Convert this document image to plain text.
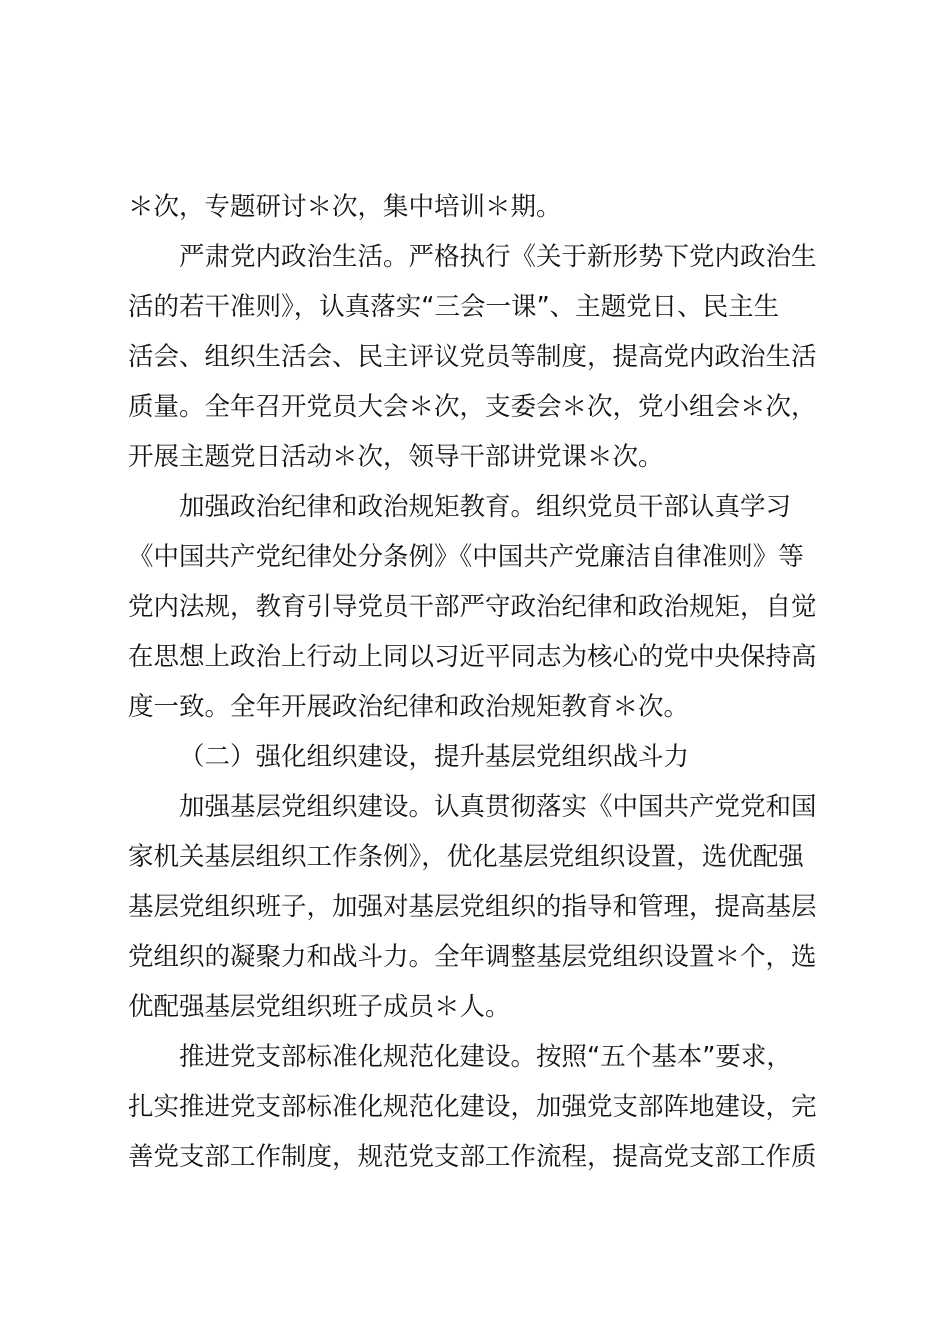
＊次，专题研讨＊次，集中培训＊期。
严肃党内政治生活。严格执行《关于新形势下党内政治生
活的若干准则》，认真落实“三会一课”、主题党日、民主生
活会、组织生活会、民主评议党员等制度，提高党内政治生活
质量。全年召开党员大会＊次，支委会＊次，党小组会＊次，
开展主题党日活动＊次，领导干部讲党课＊次。
加强政治纪律和政治规矩教育。组织党员干部认真学习
《中国共产党纪律处分条例》《中国共产党廉洁自律准则》等
党内法规，教育引导党员干部严守政治纪律和政治规矩，自觉
在思想上政治上行动上同以习近平同志为核心的党中央保持高
度一致。全年开展政治纪律和政治规矩教育＊次。
（二）强化组织建设，提升基层党组织战斗力
加强基层党组织建设。认真贯彻落实《中国共产党党和国
家机关基层组织工作条例》，优化基层党组织设置，选优配强
基层党组织班子，加强对基层党组织的指导和管理，提高基层
党组织的凝聚力和战斗力。全年调整基层党组织设置＊个，选
优配强基层党组织班子成员＊人。
推进党支部标准化规范化建设。按照“五个基本”要求，
扎实推进党支部标准化规范化建设，加强党支部阵地建设，完
善党支部工作制度，规范党支部工作流程，提高党支部工作质
